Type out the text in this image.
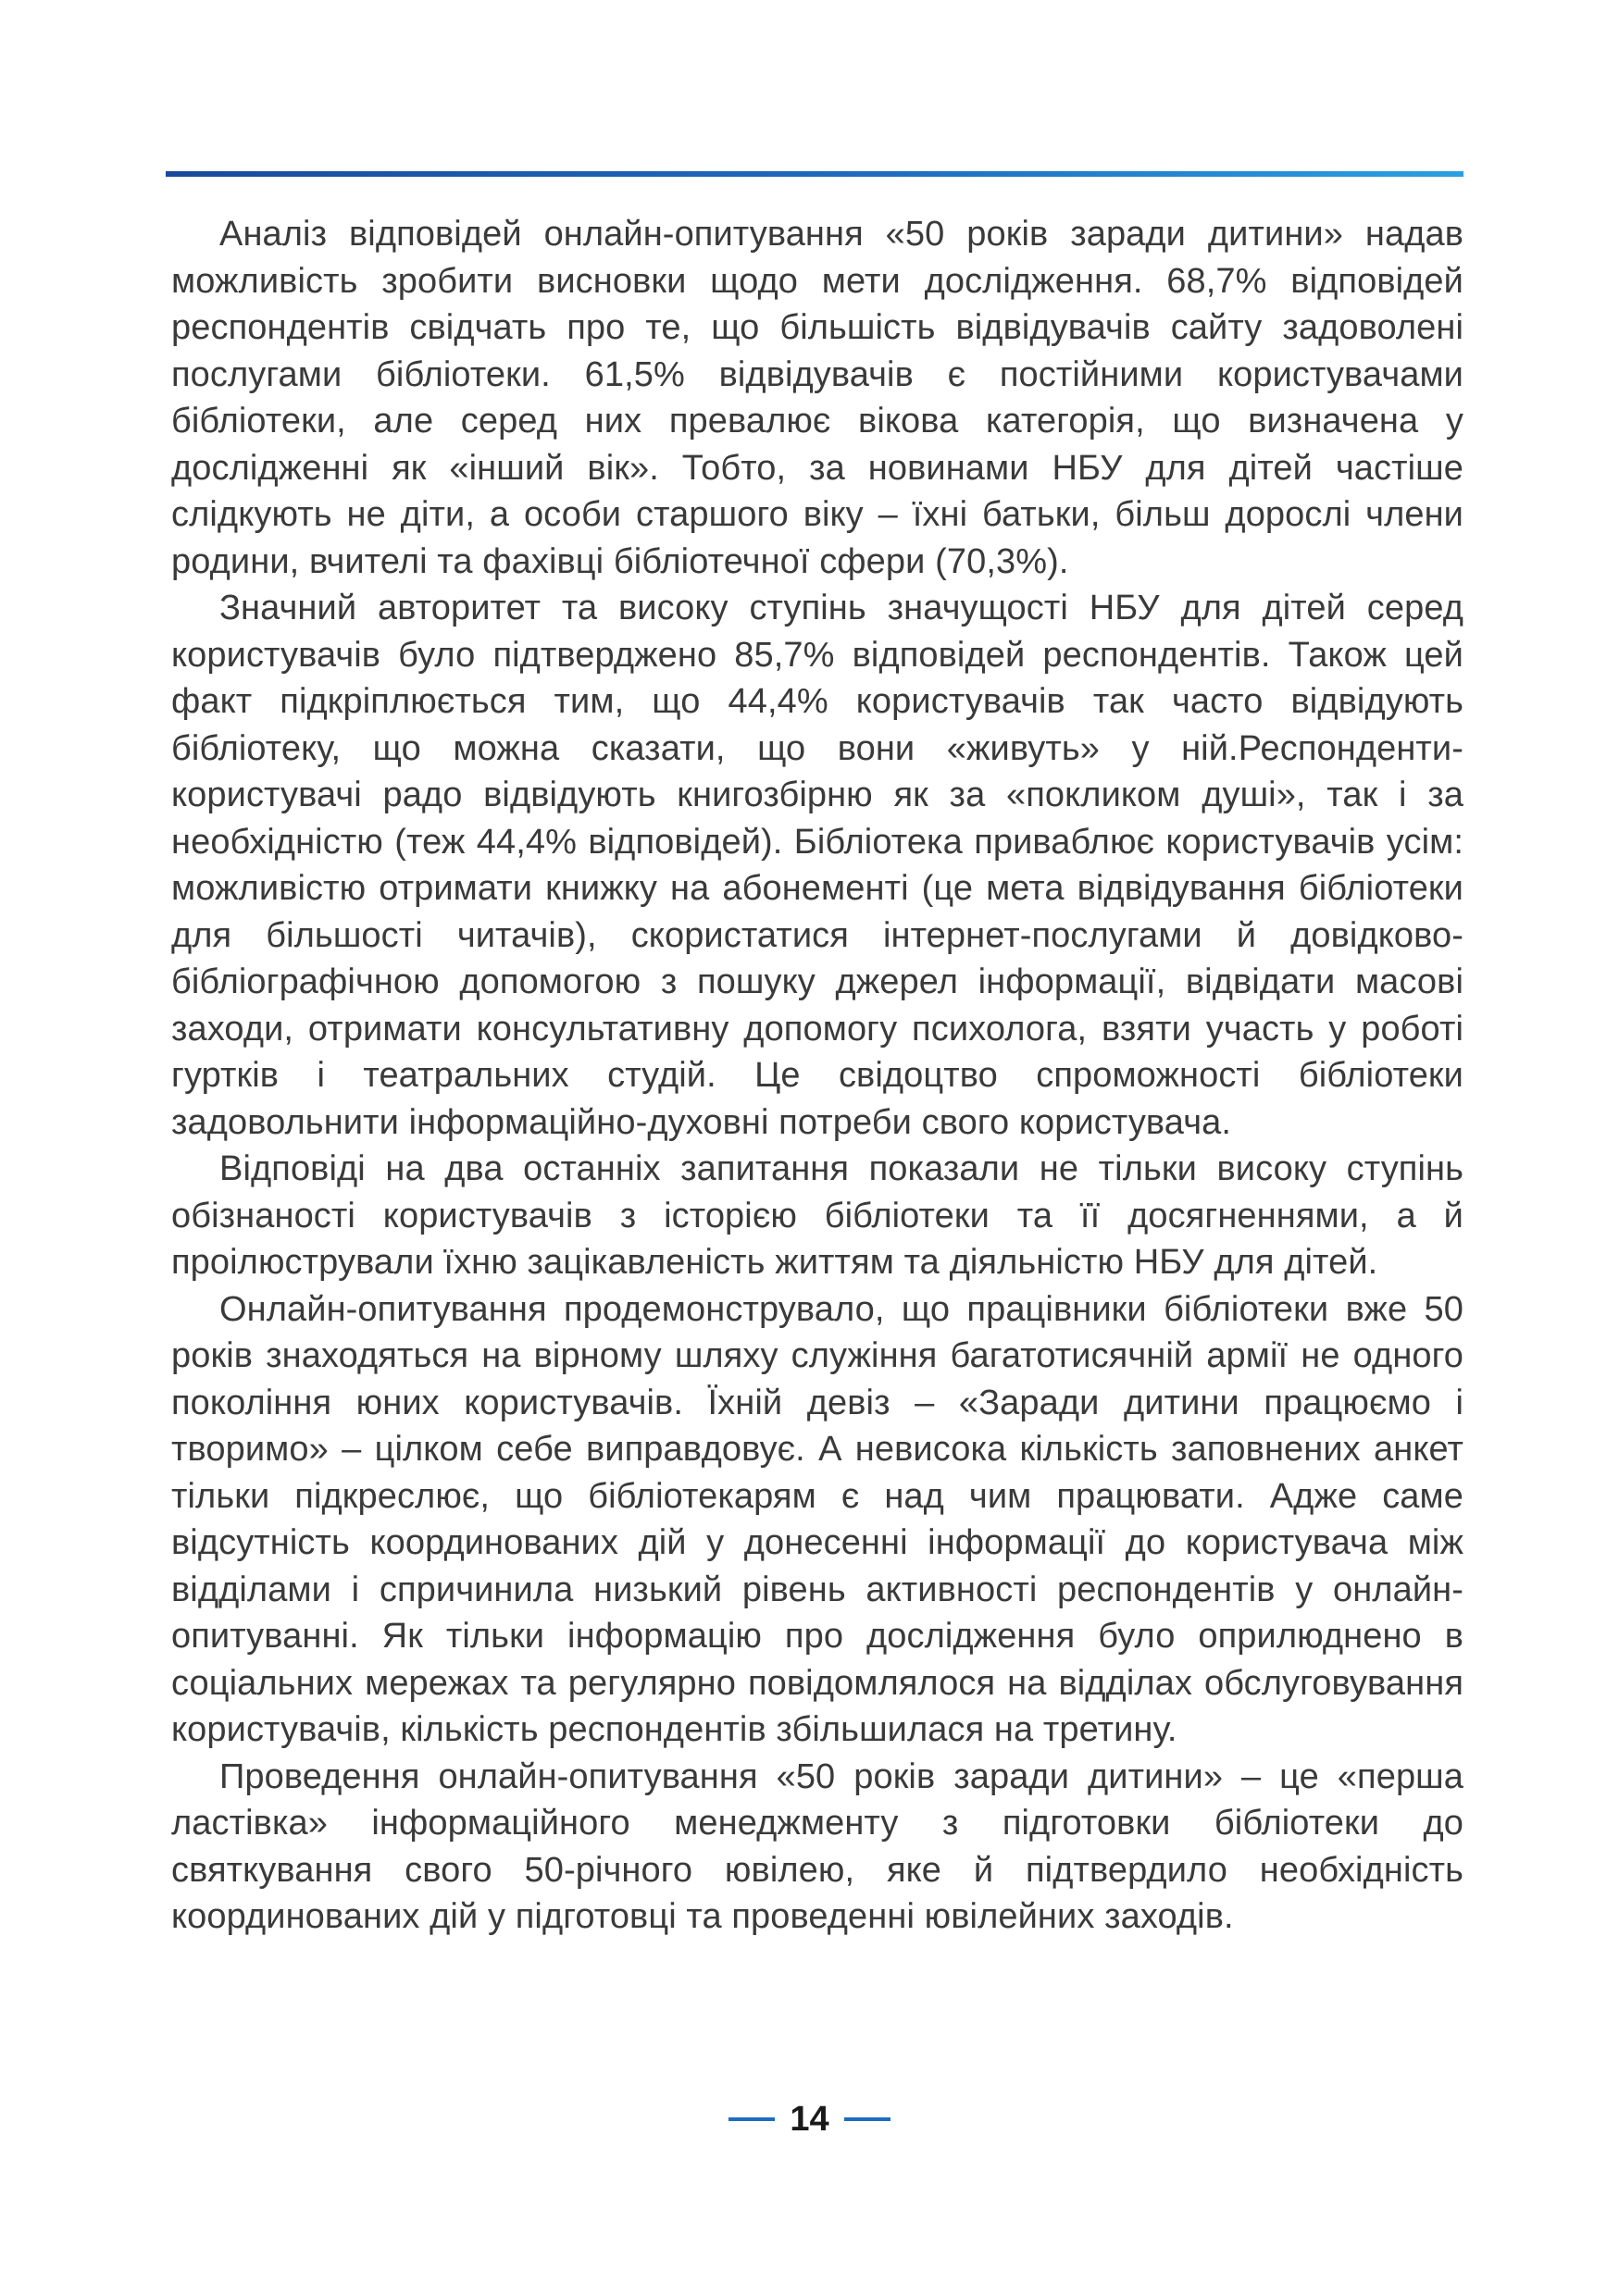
Аналіз відповідей онлайн-опитування «50 років заради дитини» надав можливість зробити висновки щодо мети дослідження. 68,7% відповідей респондентів свідчать про те, що більшість відвідувачів сайту задоволені послугами бібліотеки. 61,5% відвідувачів є постійними користувачами бібліотеки, але серед них превалює вікова категорія, що визначена у дослідженні як «інший вік». Тобто, за новинами НБУ для дітей частіше слідкують не діти, а особи старшого віку – їхні батьки, більш дорослі члени родини, вчителі та фахівці бібліотечної сфери (70,3%).

Значний авторитет та високу ступінь значущості НБУ для дітей серед користувачів було підтверджено 85,7% відповідей респондентів. Також цей факт підкріплюється тим, що 44,4% користувачів так часто відвідують бібліотеку, що можна сказати, що вони «живуть» у ній.Респонденти-користувачі радо відвідують книгозбірню як за «покликом душі», так і за необхідністю (теж 44,4% відповідей). Бібліотека приваблює користувачів усім: можливістю отримати книжку на абонементі (це мета відвідування бібліотеки для більшості читачів), скористатися інтернет-послугами й довідково-бібліографічною допомогою з пошуку джерел інформації, відвідати масові заходи, отримати консультативну допомогу психолога, взяти участь у роботі гуртків і театральних студій. Це свідоцтво спроможності бібліотеки задовольнити інформаційно-духовні потреби свого користувача.

Відповіді на два останніх запитання показали не тільки високу ступінь обізнаності користувачів з історією бібліотеки та її досягненнями, а й проілюстрували їхню зацікавленість життям та діяльністю НБУ для дітей.

Онлайн-опитування продемонструвало, що працівники бібліотеки вже 50 років знаходяться на вірному шляху служіння багатотисячній армії не одного покоління юних користувачів. Їхній девіз – «Заради дитини працюємо і творимо» – цілком себе виправдовує. А невисока кількість заповнених анкет тільки підкреслює, що бібліотекарям є над чим працювати. Адже саме відсутність координованих дій у донесенні інформації до користувача між відділами і спричинила низький рівень активності респондентів у онлайн-опитуванні. Як тільки інформацію про дослідження було оприлюднено в соціальних мережах та регулярно повідомлялося на відділах обслуговування користувачів, кількість респондентів збільшилася на третину.

Проведення онлайн-опитування «50 років заради дитини» – це «перша ластівка» інформаційного менеджменту з підготовки бібліотеки до святкування свого 50-річного ювілею, яке й підтвердило необхідність координованих дій у підготовці та проведенні ювілейних заходів.

14
